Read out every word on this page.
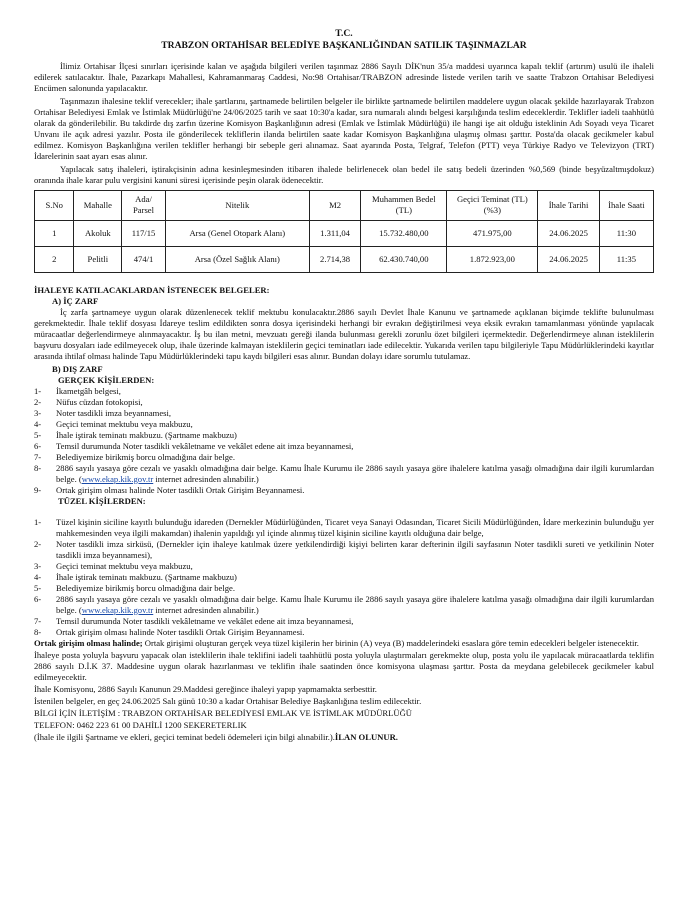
T.C.
TRABZON ORTAHİSAR BELEDİYE BAŞKANLIĞINDAN SATILIK TAŞINMAZLAR

İlimiz Ortahisar İlçesi sınırları içerisinde kalan ve aşağıda bilgileri verilen taşınmaz 2886 Sayılı DİK'nun 35/a maddesi uyarınca kapalı teklif (artırım) usulü ile ihaleli edilerek satılacaktır. İhale, Pazarkapı Mahallesi, Kahramanmaraş Caddesi, No:98 Ortahisar/TRABZON adresinde listede verilen tarih ve saatte Trabzon Ortahisar Belediyesi Encümen salonunda yapılacaktır.

Taşınmazın ihalesine teklif verecekler; ihale şartlarını, şartnamede belirtilen belgeler ile birlikte şartnamede belirtilen maddelere uygun olacak şekilde hazırlayarak Trabzon Ortahisar Belediyesi Emlak ve İstimlak Müdürlüğü'ne 24/06/2025 tarih ve saat 10:30'a kadar, sıra numaralı alındı belgesi karşılığında teslim edeceklerdir. Teklifler iadeli taahhütlü olarak da gönderilebilir. Bu takdirde dış zarfın üzerine Komisyon Başkanlığının adresi (Emlak ve İstimlak Müdürlüğü) ile hangi işe ait olduğu isteklinin Adı Soyadı veya Ticaret Unvanı ile açık adresi yazılır. Posta ile gönderilecek tekliflerin ilanda belirtilen saate kadar Komisyon Başkanlığına ulaşmış olması şarttır. Posta'da olacak gecikmeler kabul edilmez. Komisyon Başkanlığına verilen teklifler herhangi bir sebeple geri alınamaz. Saat ayarında Posta, Telgraf, Telefon (PTT) veya Türkiye Radyo ve Televizyon (TRT) İdarelerinin saat ayarı esas alınır.

Yapılacak satış ihaleleri, iştirakçisinin adına kesinleşmesinden itibaren ihalede belirlenecek olan bedel ile satış bedeli üzerinden %0,569 (binde beşyüzaltmışdokuz) oranında ihale karar pulu vergisini kanuni süresi içerisinde peşin olarak ödenecektir.

S.No	Mahalle	Ada/ Parsel	Nitelik	M2	Muhammen Bedel (TL)	Geçici Teminat (TL) (%3)	İhale Tarihi	İhale Saati
1	Akoluk	117/15	Arsa (Genel Otopark Alanı)	1.311,04	15.732.480,00	471.975,00	24.06.2025	11:30
2	Pelitli	474/1	Arsa (Özel Sağlık Alanı)	2.714,38	62.430.740,00	1.872.923,00	24.06.2025	11:35
İHALEYE KATILACAKLARDAN İSTENECEK BELGELER:
A) İÇ ZARF

İç zarfa şartnameye uygun olarak düzenlenecek teklif mektubu konulacaktır.2886 sayılı Devlet İhale Kanunu ve şartnamede açıklanan biçimde teklifte bulunulması gerekmektedir. İhale teklif dosyası İdareye teslim edildikten sonra dosya içerisindeki herhangi bir evrakın değiştirilmesi veya eksik evrakın tamamlanması yönünde yapılacak müracaatlar değerlendirmeye alınmayacaktır. İş bu ilan metni, mevzuatı gereği ilanda bulunması gerekli zorunlu özet bilgileri içermektedir. Değerlendirmeye alınan isteklilerin başvuru dosyaları iade edilmeyecek olup, ihale üzerinde kalmayan isteklilerin geçici teminatları iade edilecektir. Yukarıda verilen tapu bilgileriyle Tapu Müdürlüklerindeki kayıtlar arasında ihtilaf olması halinde Tapu Müdürlüklerindeki tapu kaydı bilgileri esas alınır. Bundan dolayı idare sorumlu tutulamaz.

B) DIŞ ZARF
GERÇEK KİŞİLERDEN:
1-	İkametgâh belgesi,
2-	Nüfus cüzdan fotokopisi,
3-	Noter tasdikli imza beyannamesi,
4-	Geçici teminat mektubu veya makbuzu,
5-	İhale iştirak teminatı makbuzu. (Şartname makbuzu)
6-	Temsil durumunda Noter tasdikli vekâletname ve vekâlet edene ait imza beyannamesi,
7-	Belediyemize birikmiş borcu olmadığına dair belge.
8-	2886 sayılı yasaya göre cezalı ve yasaklı olmadığına dair belge. Kamu İhale Kurumu ile 2886 sayılı yasaya göre ihalelere katılma yasağı olmadığına dair ilgili kurumlardan belge. (www.ekap.kik.gov.tr internet adresinden alınabilir.)
9-	Ortak girişim olması halinde Noter tasdikli Ortak Girişim Beyannamesi.
TÜZEL KİŞİLERDEN:
1-	Tüzel kişinin siciline kayıtlı bulunduğu idareden (Dernekler Müdürlüğünden, Ticaret veya Sanayi Odasından, Ticaret Sicili Müdürlüğünden, İdare merkezinin bulunduğu yer mahkemesinden veya ilgili makamdan) ihalenin yapıldığı yıl içinde alınmış tüzel kişinin siciline kayıtlı olduğuna dair belge,
2-	Noter tasdikli imza sirküsü, (Dernekler için ihaleye katılmak üzere yetkilendirdiği kişiyi belirten karar defterinin ilgili sayfasının Noter tasdikli sureti ve yetkilinin Noter tasdikli imza beyannamesi),
3-	Geçici teminat mektubu veya makbuzu,
4-	İhale iştirak teminatı makbuzu. (Şartname makbuzu)
5-	Belediyemize birikmiş borcu olmadığına dair belge.
6-	2886 sayılı yasaya göre cezalı ve yasaklı olmadığına dair belge. Kamu İhale Kurumu ile 2886 sayılı yasaya göre ihalelere katılma yasağı olmadığına dair ilgili kurumlardan belge. (www.ekap.kik.gov.tr internet adresinden alınabilir.)
7-	Temsil durumunda Noter tasdikli vekâletname ve vekâlet edene ait imza beyannamesi,
8-	Ortak girişim olması halinde Noter tasdikli Ortak Girişim Beyannamesi.

Ortak girişim olması halinde; Ortak girişimi oluşturan gerçek veya tüzel kişilerin her birinin (A) veya (B) maddelerindeki esaslara göre temin edecekleri belgeler istenecektir.

İhaleye posta yoluyla başvuru yapacak olan isteklilerin ihale teklifini iadeli taahhütlü posta yoluyla ulaştırmaları gerekmekte olup, posta yolu ile yapılacak müracaatlarda teklifin 2886 sayılı D.İ.K 37. Maddesine uygun olarak hazırlanması ve teklifin ihale saatinden önce komisyona ulaşması şarttır. Posta da meydana gelebilecek gecikmeler kabul edilmeyecektir.

İhale Komisyonu, 2886 Sayılı Kanunun 29.Maddesi gereğince ihaleyi yapıp yapmamakta serbesttir.

İstenilen belgeler, en geç 24.06.2025 Salı günü 10:30 a kadar Ortahisar Belediye Başkanlığına teslim edilecektir.

BİLGİ İÇİN İLETİŞİM : TRABZON ORTAHİSAR BELEDİYESİ EMLAK VE İSTİMLAK MÜDÜRLÜĞÜ

TELEFON: 0462 223 61 00 DAHİLİ 1200 SEKERETERLIK

(İhale ile ilgili Şartname ve ekleri, geçici teminat bedeli ödemeleri için bilgi alınabilir.).İLAN OLUNUR.
